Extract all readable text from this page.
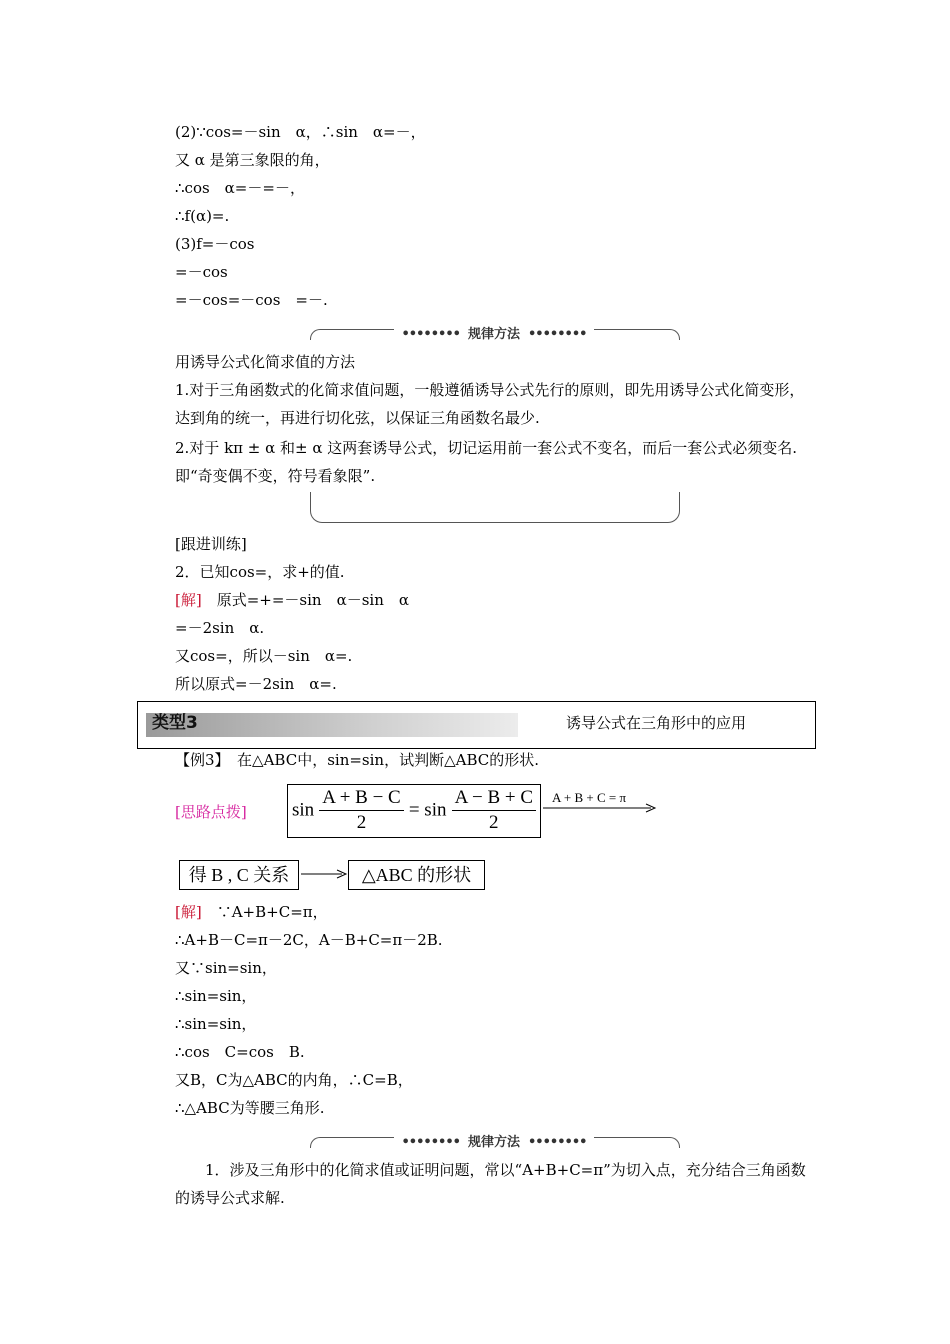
(2)∵cos=－sin　α，∴sin　α=－，
又 α 是第三象限的角，
∴cos　α=－=－，
∴f(α)=.
(3)f=－cos
=－cos
=－cos=－cos　=－.
•••••••• 规律方法 ••••••••
用诱导公式化简求值的方法
1.对于三角函数式的化简求值问题，一般遵循诱导公式先行的原则，即先用诱导公式化简变形，达到角的统一，再进行切化弦，以保证三角函数名最少.
2.对于 kπ ± α 和± α 这两套诱导公式，切记运用前一套公式不变名，而后一套公式必须变名.即“奇变偶不变，符号看象限”.
[跟进训练]
2．已知cos=，求+的值.
[解]　原式=+=－sin　α－sin　α
=－2sin　α.
又cos=，所以－sin　α=.
所以原式=－2sin　α=.
类型3	诱导公式在三角形中的应用
【例3】　在△ABC中，sin=sin，试判断△ABC的形状.
[思路点拨] $\sin \frac{A + B - C}{2} = \sin \frac{A - B + C}{2}$ A + B + C = π
得 B , C 关系	△ABC 的形状
[解]　∵A+B+C=π，
∴A+B－C=π－2C，A－B+C=π－2B.
又∵sin=sin，
∴sin=sin，
∴sin=sin，
∴cos　C=cos　B.
又B，C为△ABC的内角，∴C=B，
∴△ABC为等腰三角形.
•••••••• 规律方法 ••••••••
1．涉及三角形中的化简求值或证明问题，常以“A+B+C=π”为切入点，充分结合三角函数的诱导公式求解.
